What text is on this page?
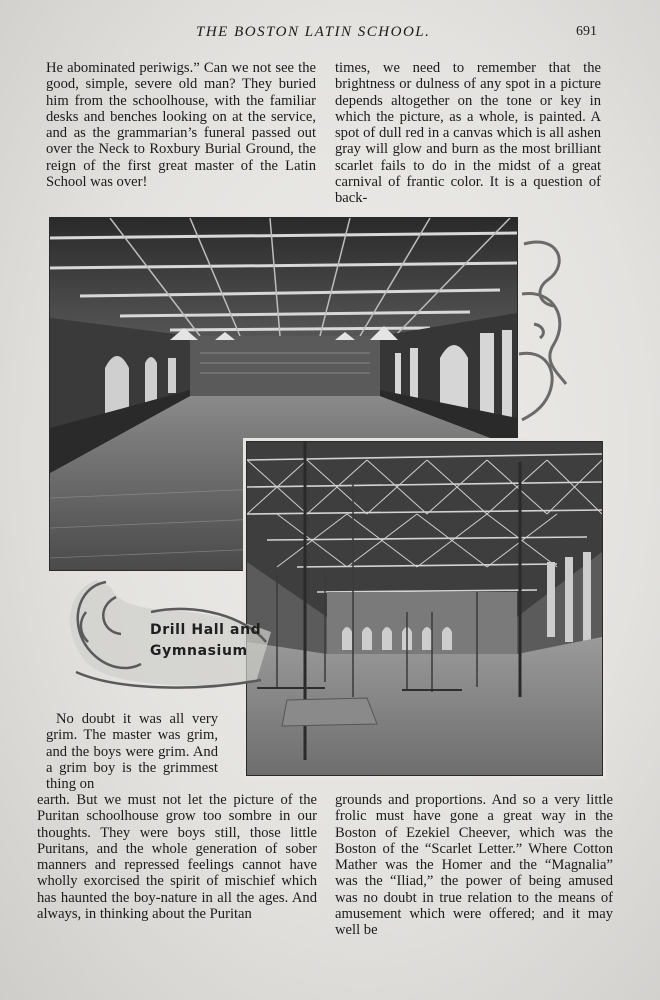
THE BOSTON LATIN SCHOOL.	691

He abominated periwigs.” Can we not see the good, simple, severe old man? They buried him from the schoolhouse, with the familiar desks and benches looking on at the service, and as the grammarian’s funeral passed out over the Neck to Roxbury Burial Ground, the reign of the first great master of the Latin School was over!

times, we need to remember that the brightness or dulness of any spot in a picture depends altogether on the tone or key in which the picture, as a whole, is painted. A spot of dull red in a canvas which is all ashen gray will glow and burn as the most brilliant scarlet fails to do in the midst of a great carnival of frantic color. It is a question of back-

Drill Hall and
Gymnasium

No doubt it was all very grim. The master was grim, and the boys were grim. And a grim boy is the grimmest thing on

earth. But we must not let the picture of the Puritan schoolhouse grow too sombre in our thoughts. They were boys still, those little Puritans, and the whole generation of sober manners and repressed feelings cannot have wholly exorcised the spirit of mischief which has haunted the boy-nature in all the ages. And always, in thinking about the Puritan

grounds and proportions. And so a very little frolic must have gone a great way in the Boston of Ezekiel Cheever, which was the Boston of the “Scarlet Letter.” Where Cotton Mather was the Homer and the “Magnalia” was the “Iliad,” the power of being amused was no doubt in true relation to the means of amusement which were offered; and it may well be
